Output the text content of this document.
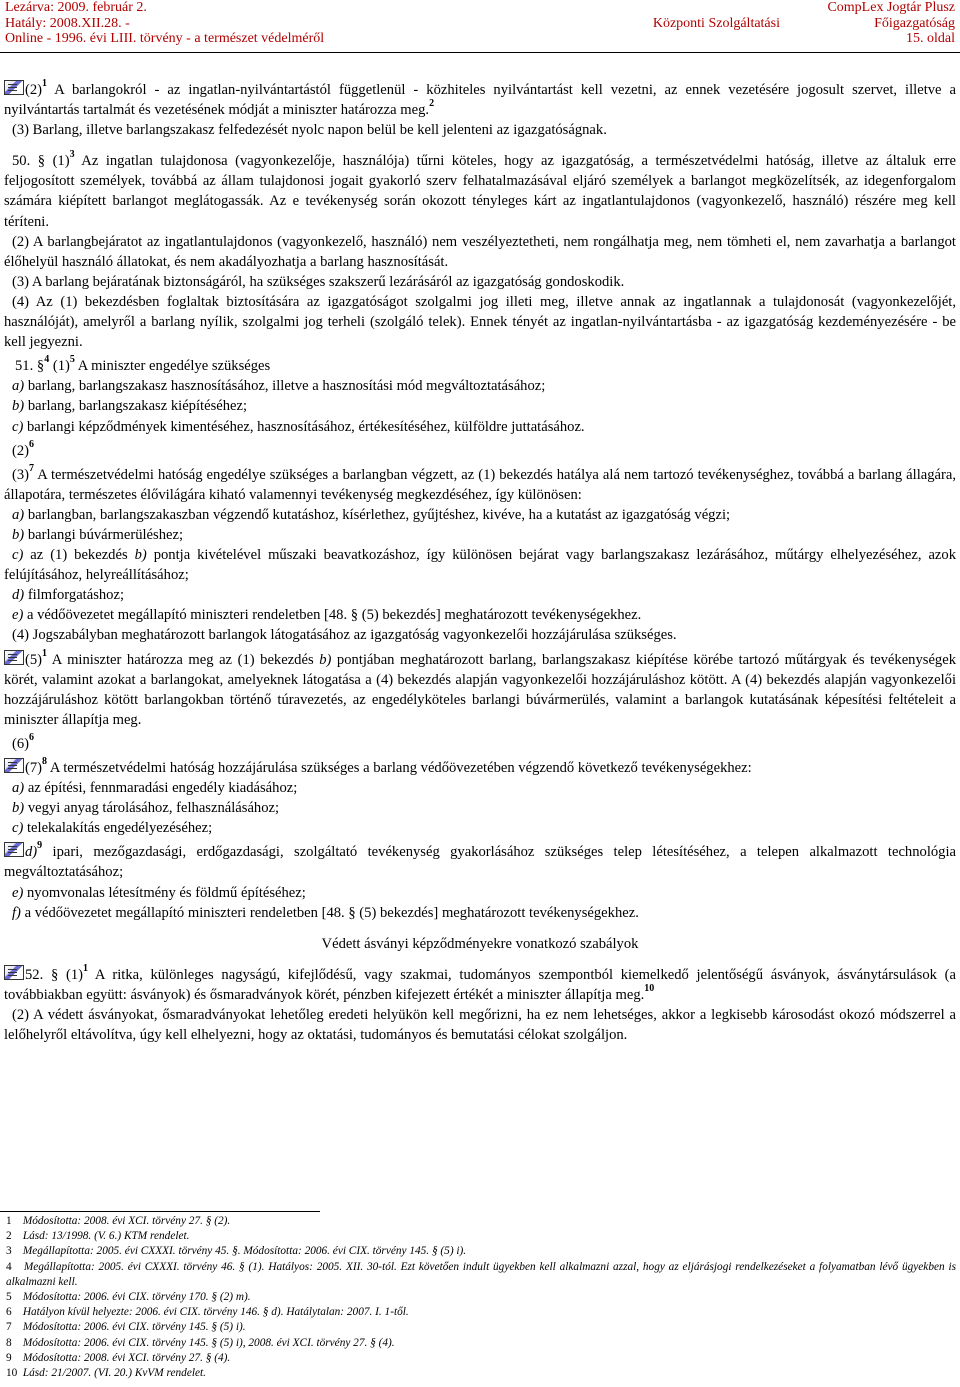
Lezárva: 2009. február 2.
Hatály: 2008.XII.28. -
Online - 1996. évi LIII. törvény - a természet védelméről
Központi Szolgáltatási
CompLex Jogtár Plusz
Főigazgatóság
15. oldal

$(2)^1$ A barlangokról - az ingatlan-nyilvántartástól függetlenül - közhiteles nyilvántartást kell vezetni, az ennek vezetésére jogosult szervet, illetve a nyilvántartás tartalmát és vezetésének módját a miniszter határozza meg.$^2$

(3) Barlang, illetve barlangszakasz felfedezését nyolc napon belül be kell jelenteni az igazgatóságnak.

50. § $(1)^3$ Az ingatlan tulajdonosa (vagyonkezelője, használója) tűrni köteles, hogy az igazgatóság, a természetvédelmi hatóság, illetve az általuk erre feljogosított személyek, továbbá az állam tulajdonosi jogait gyakorló szerv felhatalmazásával eljáró személyek a barlangot megközelítsék, az idegenforgalom számára kiépített barlangot meglátogassák. Az e tevékenység során okozott tényleges kárt az ingatlantulajdonos (vagyonkezelő, használó) részére meg kell téríteni.

(2) A barlangbejáratot az ingatlantulajdonos (vagyonkezelő, használó) nem veszélyeztetheti, nem rongálhatja meg, nem tömheti el, nem zavarhatja a barlangot élőhelyül használó állatokat, és nem akadályozhatja a barlang hasznosítását.

(3) A barlang bejáratának biztonságáról, ha szükséges szakszerű lezárásáról az igazgatóság gondoskodik.

(4) Az (1) bekezdésben foglaltak biztosítására az igazgatóságot szolgalmi jog illeti meg, illetve annak az ingatlannak a tulajdonosát (vagyonkezelőjét, használóját), amelyről a barlang nyílik, szolgalmi jog terheli (szolgáló telek). Ennek tényét az ingatlan-nyilvántartásba - az igazgatóság kezdeményezésére - be kell jegyezni.

51. §$^4$ $(1)^5$ A miniszter engedélye szükséges

a) barlang, barlangszakasz hasznosításához, illetve a hasznosítási mód megváltoztatásához;

b) barlang, barlangszakasz kiépítéséhez;

c) barlangi képződmények kimentéséhez, hasznosításához, értékesítéséhez, külföldre juttatásához.

$(2)^6$

$(3)^7$ A természetvédelmi hatóság engedélye szükséges a barlangban végzett, az (1) bekezdés hatálya alá nem tartozó tevékenységhez, továbbá a barlang állagára, állapotára, természetes élővilágára kiható valamennyi tevékenység megkezdéséhez, így különösen:

a) barlangban, barlangszakaszban végzendő kutatáshoz, kísérlethez, gyűjtéshez, kivéve, ha a kutatást az igazgatóság végzi;

b) barlangi búvármerüléshez;

c) az (1) bekezdés b) pontja kivételével műszaki beavatkozáshoz, így különösen bejárat vagy barlangszakasz lezárásához, műtárgy elhelyezéséhez, azok felújításához, helyreállításához;

d) filmforgatáshoz;

e) a védőövezetet megállapító miniszteri rendeletben [48. § (5) bekezdés] meghatározott tevékenységekhez.

(4) Jogszabályban meghatározott barlangok látogatásához az igazgatóság vagyonkezelői hozzájárulása szükséges.

$(5)^1$ A miniszter határozza meg az (1) bekezdés b) pontjában meghatározott barlang, barlangszakasz kiépítése körébe tartozó műtárgyak és tevékenységek körét, valamint azokat a barlangokat, amelyeknek látogatása a (4) bekezdés alapján vagyonkezelői hozzájáruláshoz kötött. A (4) bekezdés alapján vagyonkezelői hozzájáruláshoz kötött barlangokban történő túravezetés, az engedélyköteles barlangi búvármerülés, valamint a barlangok kutatásának képesítési feltételeit a miniszter állapítja meg.

$(6)^6$

$(7)^8$ A természetvédelmi hatóság hozzájárulása szükséges a barlang védőövezetében végzendő következő tevékenységekhez:

a) az építési, fennmaradási engedély kiadásához;

b) vegyi anyag tárolásához, felhasználásához;

c) telekalakítás engedélyezéséhez;

d)$^9$ ipari, mezőgazdasági, erdőgazdasági, szolgáltató tevékenység gyakorlásához szükséges telep létesítéséhez, a telepen alkalmazott technológia megváltoztatásához;

e) nyomvonalas létesítmény és földmű építéséhez;

f) a védőövezetet megállapító miniszteri rendeletben [48. § (5) bekezdés] meghatározott tevékenységekhez.

Védett ásványi képződményekre vonatkozó szabályok

52. § $(1)^1$ A ritka, különleges nagyságú, kifejlődésű, vagy szakmai, tudományos szempontból kiemelkedő jelentőségű ásványok, ásványtársulások (a továbbiakban együtt: ásványok) és ősmaradványok körét, pénzben kifejezett értékét a miniszter állapítja meg.$^{10}$

(2) A védett ásványokat, ősmaradványokat lehetőleg eredeti helyükön kell megőrizni, ha ez nem lehetséges, akkor a legkisebb károsodást okozó módszerrel a lelőhelyről eltávolítva, úgy kell elhelyezni, hogy az oktatási, tudományos és bemutatási célokat szolgáljon.

1 Módosította: 2008. évi XCI. törvény 27. § (2).
2 Lásd: 13/1998. (V. 6.) KTM rendelet.
3 Megállapította: 2005. évi CXXXI. törvény 45. §. Módosította: 2006. évi CIX. törvény 145. § (5) i).
4 Megállapította: 2005. évi CXXXI. törvény 46. § (1). Hatályos: 2005. XII. 30-tól. Ezt követően indult ügyekben kell alkalmazni azzal, hogy az eljárásjogi rendelkezéseket a folyamatban lévő ügyekben is alkalmazni kell.
5 Módosította: 2006. évi CIX. törvény 170. § (2) m).
6 Hatályon kívül helyezte: 2006. évi CIX. törvény 146. § d). Hatálytalan: 2007. I. 1-től.
7 Módosította: 2006. évi CIX. törvény 145. § (5) i).
8 Módosította: 2006. évi CIX. törvény 145. § (5) i), 2008. évi XCI. törvény 27. § (4).
9 Módosította: 2008. évi XCI. törvény 27. § (4).
10 Lásd: 21/2007. (VI. 20.) KvVM rendelet.
